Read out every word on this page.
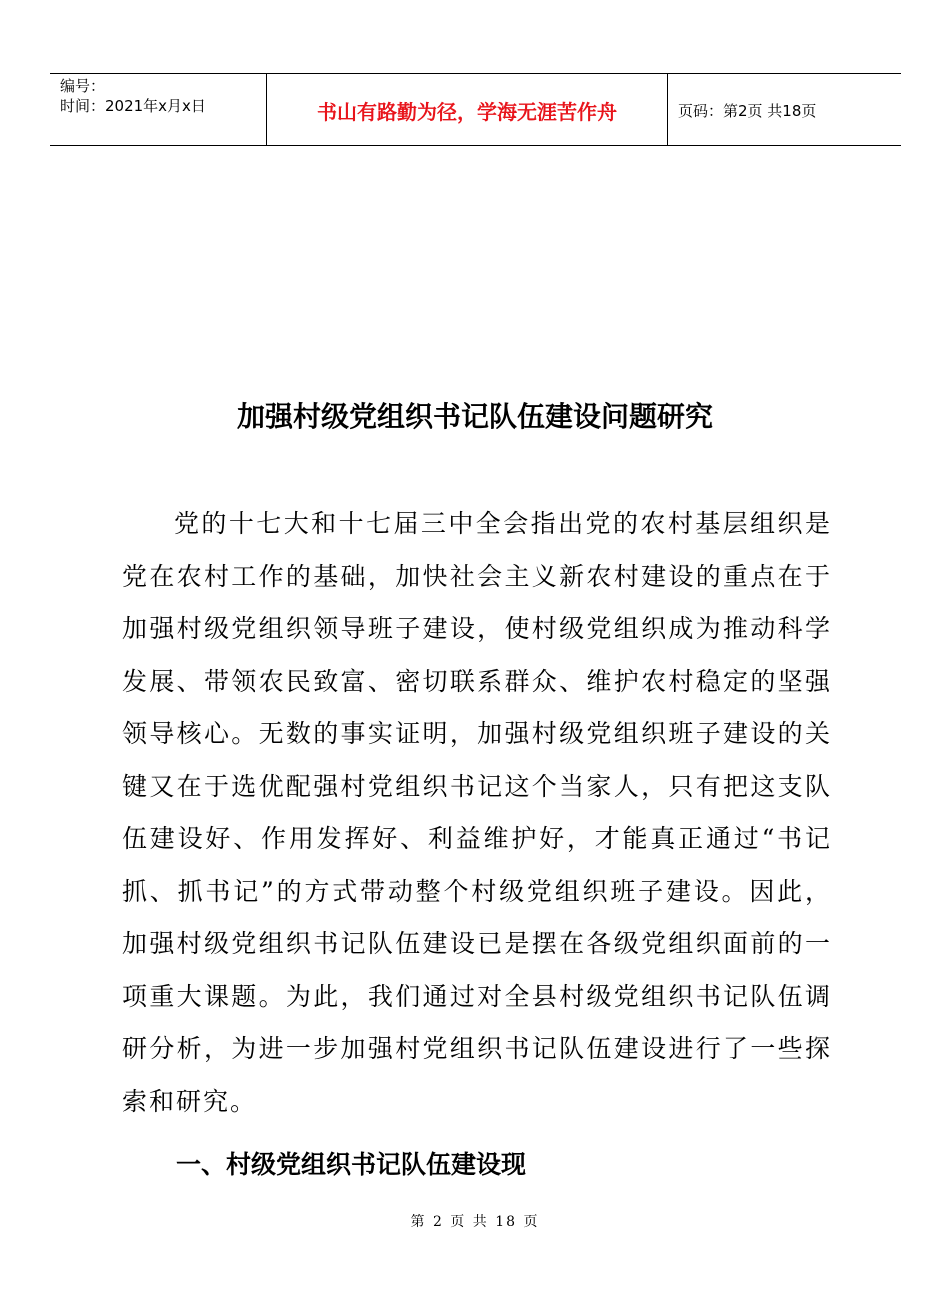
编号：
时间：2021年x月x日	书山有路勤为径，学海无涯苦作舟	页码：第2页 共18页
加强村级党组织书记队伍建设问题研究
党的十七大和十七届三中全会指出党的农村基层组织是党在农村工作的基础，加快社会主义新农村建设的重点在于加强村级党组织领导班子建设，使村级党组织成为推动科学发展、带领农民致富、密切联系群众、维护农村稳定的坚强领导核心。无数的事实证明，加强村级党组织班子建设的关键又在于选优配强村党组织书记这个当家人，只有把这支队伍建设好、作用发挥好、利益维护好，才能真正通过“书记抓、抓书记”的方式带动整个村级党组织班子建设。因此，加强村级党组织书记队伍建设已是摆在各级党组织面前的一项重大课题。为此，我们通过对全县村级党组织书记队伍调研分析，为进一步加强村党组织书记队伍建设进行了一些探索和研究。
一、村级党组织书记队伍建设现
第 2 页 共 18 页
